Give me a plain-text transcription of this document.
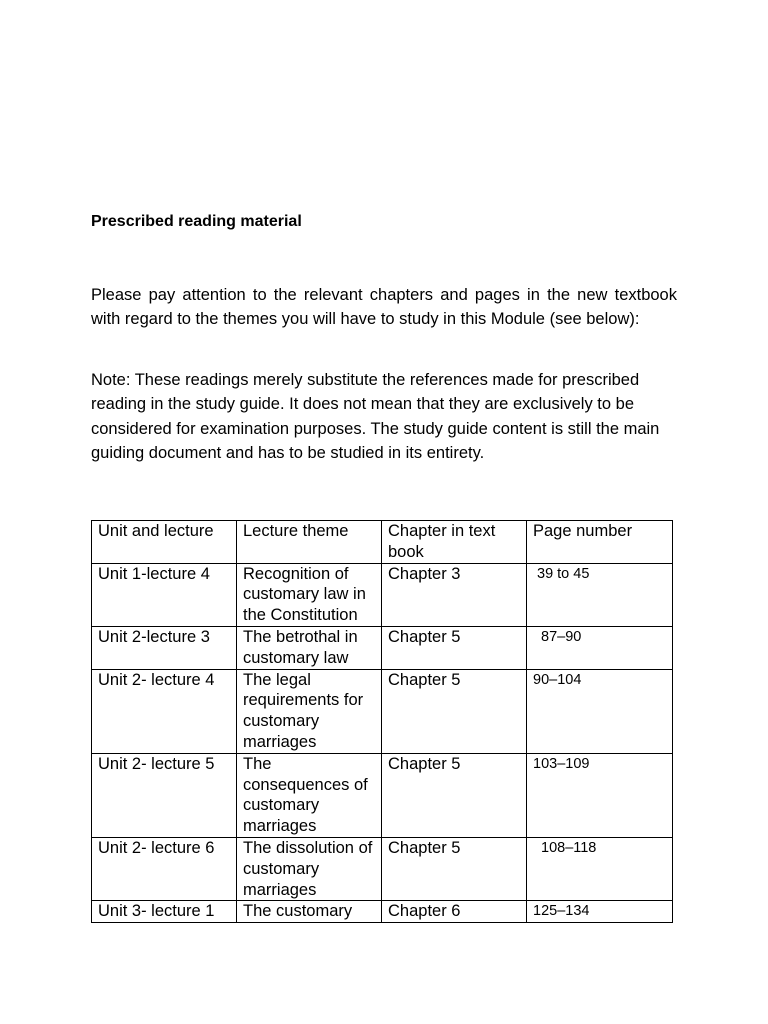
Prescribed reading material

Please pay attention to the relevant chapters and pages in the new textbook with regard to the themes you will have to study in this Module (see below):

Note: These readings merely substitute the references made for prescribed reading in the study guide. It does not mean that they are exclusively to be considered for examination purposes. The study guide content is still the main guiding document and has to be studied in its entirety.

Unit and lecture	Lecture theme	Chapter in text book	Page number
Unit 1-lecture 4	Recognition of customary law in the Constitution	Chapter 3	39 to 45
Unit 2-lecture 3	The betrothal in customary law	Chapter 5	87–90
Unit 2- lecture 4	The legal requirements for customary marriages	Chapter 5	90–104
Unit 2- lecture 5	The consequences of customary marriages	Chapter 5	103–109
Unit 2- lecture 6	The dissolution of customary marriages	Chapter 5	108–118
Unit 3- lecture 1	The customary	Chapter 6	125–134
